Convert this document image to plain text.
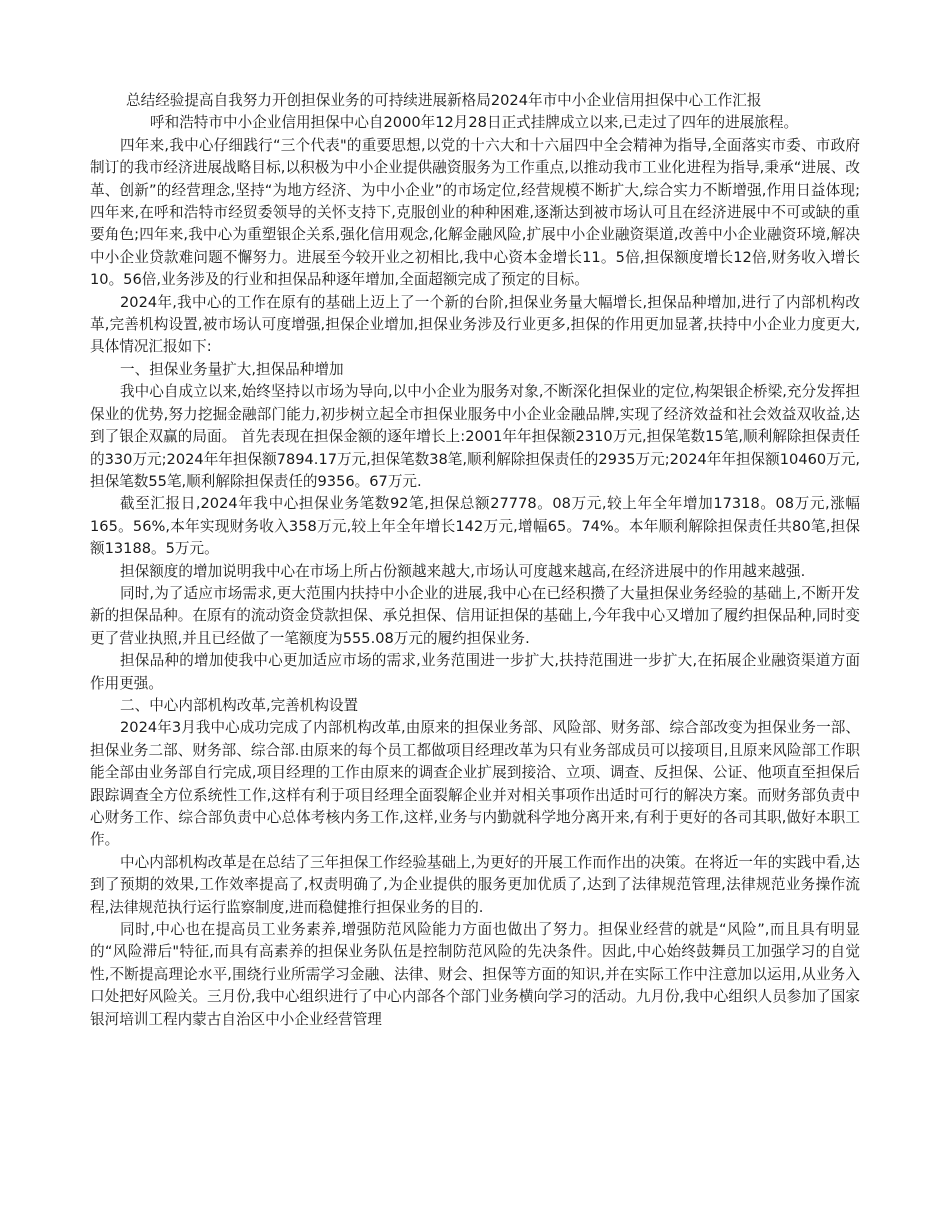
总结经验提高自我努力开创担保业务的可持续进展新格局2024年市中小企业信用担保中心工作汇报

呼和浩特市中小企业信用担保中心自2000年12月28日正式挂牌成立以来,已走过了四年的进展旅程。

四年来,我中心仔细践行“三个代表"的重要思想,以党的十六大和十六届四中全会精神为指导,全面落实市委、市政府制订的我市经济进展战略目标,以积极为中小企业提供融资服务为工作重点,以推动我市工业化进程为指导,秉承“进展、改革、创新”的经营理念,坚持“为地方经济、为中小企业”的市场定位,经营规模不断扩大,综合实力不断增强,作用日益体现;四年来,在呼和浩特市经贸委领导的关怀支持下,克服创业的种种困难,逐渐达到被市场认可且在经济进展中不可或缺的重要角色;四年来,我中心为重塑银企关系,强化信用观念,化解金融风险,扩展中小企业融资渠道,改善中小企业融资环境,解决中小企业贷款难问题不懈努力。进展至今较开业之初相比,我中心资本金增长11。5倍,担保额度增长12倍,财务收入增长10。56倍,业务涉及的行业和担保品种逐年增加,全面超额完成了预定的目标。

2024年,我中心的工作在原有的基础上迈上了一个新的台阶,担保业务量大幅增长,担保品种增加,进行了内部机构改革,完善机构设置,被市场认可度增强,担保企业增加,担保业务涉及行业更多,担保的作用更加显著,扶持中小企业力度更大,具体情况汇报如下:

一、担保业务量扩大,担保品种增加

我中心自成立以来,始终坚持以市场为导向,以中小企业为服务对象,不断深化担保业的定位,构架银企桥梁,充分发挥担保业的优势,努力挖掘金融部门能力,初步树立起全市担保业服务中小企业金融品牌,实现了经济效益和社会效益双收益,达到了银企双赢的局面。 首先表现在担保金额的逐年增长上:2001年年担保额2310万元,担保笔数15笔,顺利解除担保责任的330万元;2024年年担保额7894.17万元,担保笔数38笔,顺利解除担保责任的2935万元;2024年年担保额10460万元,担保笔数55笔,顺利解除担保责任的9356。67万元.

截至汇报日,2024年我中心担保业务笔数92笔,担保总额27778。08万元,较上年全年增加17318。08万元,涨幅165。56%,本年实现财务收入358万元,较上年全年增长142万元,增幅65。74%。本年顺利解除担保责任共80笔,担保额13188。5万元。

担保额度的增加说明我中心在市场上所占份额越来越大,市场认可度越来越高,在经济进展中的作用越来越强.

同时,为了适应市场需求,更大范围内扶持中小企业的进展,我中心在已经积攒了大量担保业务经验的基础上,不断开发新的担保品种。在原有的流动资金贷款担保、承兑担保、信用证担保的基础上,今年我中心又增加了履约担保品种,同时变更了营业执照,并且已经做了一笔额度为555.08万元的履约担保业务.

担保品种的增加使我中心更加适应市场的需求,业务范围进一步扩大,扶持范围进一步扩大,在拓展企业融资渠道方面作用更强。

二、中心内部机构改革,完善机构设置

2024年3月我中心成功完成了内部机构改革,由原来的担保业务部、风险部、财务部、综合部改变为担保业务一部、担保业务二部、财务部、综合部.由原来的每个员工都做项目经理改革为只有业务部成员可以接项目,且原来风险部工作职能全部由业务部自行完成,项目经理的工作由原来的调查企业扩展到接洽、立项、调查、反担保、公证、他项直至担保后跟踪调查全方位系统性工作,这样有利于项目经理全面裂解企业并对相关事项作出适时可行的解决方案。而财务部负责中心财务工作、综合部负责中心总体考核内务工作,这样,业务与内勤就科学地分离开来,有利于更好的各司其职,做好本职工作。

中心内部机构改革是在总结了三年担保工作经验基础上,为更好的开展工作而作出的决策。在将近一年的实践中看,达到了预期的效果,工作效率提高了,权责明确了,为企业提供的服务更加优质了,达到了法律规范管理,法律规范业务操作流程,法律规范执行运行监察制度,进而稳健推行担保业务的目的.

同时,中心也在提高员工业务素养,增强防范风险能力方面也做出了努力。担保业经营的就是“风险”,而且具有明显的“风险滞后"特征,而具有高素养的担保业务队伍是控制防范风险的先决条件。因此,中心始终鼓舞员工加强学习的自觉性,不断提高理论水平,围绕行业所需学习金融、法律、财会、担保等方面的知识,并在实际工作中注意加以运用,从业务入口处把好风险关。三月份,我中心组织进行了中心内部各个部门业务横向学习的活动。九月份,我中心组织人员参加了国家银河培训工程内蒙古自治区中小企业经营管理
